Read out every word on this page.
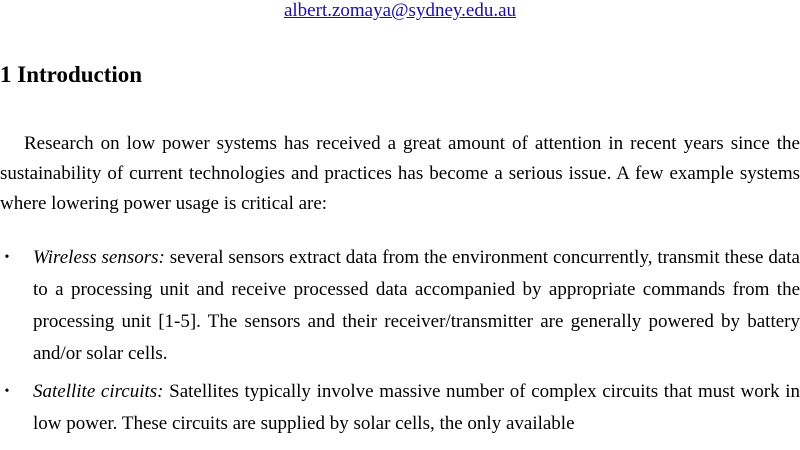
albert.zomaya@sydney.edu.au
1 Introduction

Research on low power systems has received a great amount of attention in recent years since the sustainability of current technologies and practices has become a serious issue. A few example systems where lowering power usage is critical are:

• Wireless sensors: several sensors extract data from the environment concurrently, transmit these data to a processing unit and receive processed data accompanied by appropriate commands from the processing unit [1-5]. The sensors and their receiver/transmitter are generally powered by battery and/or solar cells.
• Satellite circuits: Satellites typically involve massive number of complex circuits that must work in low power. These circuits are supplied by solar cells, the only available
